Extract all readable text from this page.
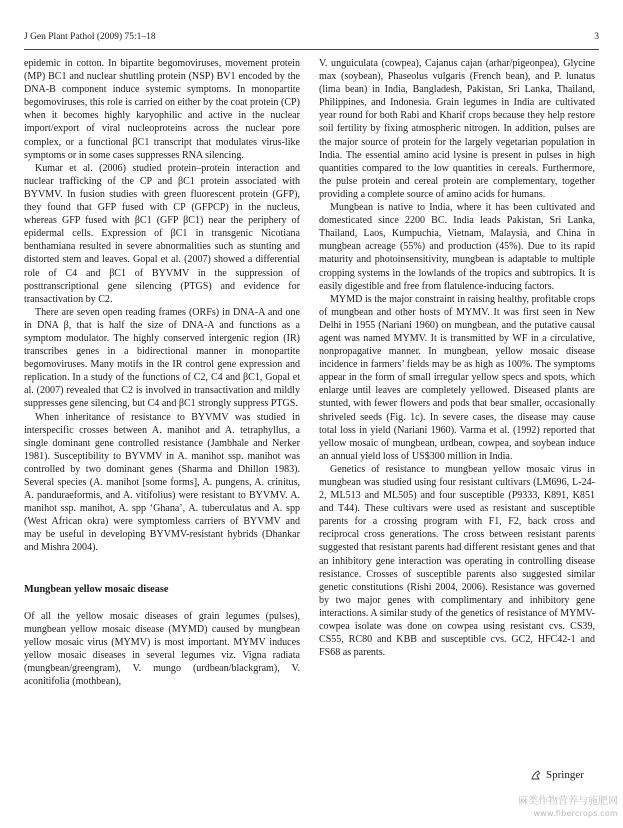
J Gen Plant Pathol (2009) 75:1–18	3

epidemic in cotton. In bipartite begomoviruses, movement protein (MP) BC1 and nuclear shuttling protein (NSP) BV1 encoded by the DNA-B component induce systemic symptoms. In monopartite begomoviruses, this role is carried on either by the coat protein (CP) when it becomes highly karyophilic and active in the nuclear import/export of viral nucleoproteins across the nuclear pore complex, or a functional βC1 transcript that modulates virus-like symptoms or in some cases suppresses RNA silencing.

Kumar et al. (2006) studied protein–protein interaction and nuclear trafficking of the CP and βC1 protein associated with BYVMV. In fusion studies with green fluorescent protein (GFP), they found that GFP fused with CP (GFPCP) in the nucleus, whereas GFP fused with βC1 (GFP βC1) near the periphery of epidermal cells. Expression of βC1 in transgenic Nicotiana benthamiana resulted in severe abnormalities such as stunting and distorted stem and leaves. Gopal et al. (2007) showed a differential role of C4 and βC1 of BYVMV in the suppression of posttranscriptional gene silencing (PTGS) and evidence for transactivation by C2.

There are seven open reading frames (ORFs) in DNA-A and one in DNA β, that is half the size of DNA-A and functions as a symptom modulator. The highly conserved intergenic region (IR) transcribes genes in a bidirectional manner in monopartite begomoviruses. Many motifs in the IR control gene expression and replication. In a study of the functions of C2, C4 and βC1, Gopal et al. (2007) revealed that C2 is involved in transactivation and mildly suppresses gene silencing, but C4 and βC1 strongly suppress PTGS.

When inheritance of resistance to BYVMV was studied in interspecific crosses between A. manihot and A. tetraphyllus, a single dominant gene controlled resistance (Jambhale and Nerker 1981). Susceptibility to BYVMV in A. manihot ssp. manihot was controlled by two dominant genes (Sharma and Dhillon 1983). Several species (A. manihot [some forms], A. pungens, A. crinitus, A. panduraeformis, and A. vitifolius) were resistant to BYVMV. A. manihot ssp. manihot, A. spp ‘Ghana’, A. tuberculatus and A. spp (West African okra) were symptomless carriers of BYVMV and may be useful in developing BYVMV-resistant hybrids (Dhankar and Mishra 2004).

Mungbean yellow mosaic disease

Of all the yellow mosaic diseases of grain legumes (pulses), mungbean yellow mosaic disease (MYMD) caused by mungbean yellow mosaic virus (MYMV) is most important. MYMV induces yellow mosaic diseases in several legumes viz. Vigna radiata (mungbean/greengram), V. mungo (urdbean/blackgram), V. aconitifolia (mothbean),

V. unguiculata (cowpea), Cajanus cajan (arhar/pigeonpea), Glycine max (soybean), Phaseolus vulgaris (French bean), and P. lunatus (lima bean) in India, Bangladesh, Pakistan, Sri Lanka, Thailand, Philippines, and Indonesia. Grain legumes in India are cultivated year round for both Rabi and Kharif crops because they help restore soil fertility by fixing atmospheric nitrogen. In addition, pulses are the major source of protein for the largely vegetarian population in India. The essential amino acid lysine is present in pulses in high quantities compared to the low quantities in cereals. Furthermore, the pulse protein and cereal protein are complementary, together providing a complete source of amino acids for humans.

Mungbean is native to India, where it has been cultivated and domesticated since 2200 BC. India leads Pakistan, Sri Lanka, Thailand, Laos, Kumpuchia, Vietnam, Malaysia, and China in mungbean acreage (55%) and production (45%). Due to its rapid maturity and photoinsensitivity, mungbean is adaptable to multiple cropping systems in the lowlands of the tropics and subtropics. It is easily digestible and free from flatulence-inducing factors.

MYMD is the major constraint in raising healthy, profitable crops of mungbean and other hosts of MYMV. It was first seen in New Delhi in 1955 (Nariani 1960) on mungbean, and the putative causal agent was named MYMV. It is transmitted by WF in a circulative, nonpropagative manner. In mungbean, yellow mosaic disease incidence in farmers’ fields may be as high as 100%. The symptoms appear in the form of small irregular yellow specs and spots, which enlarge until leaves are completely yellowed. Diseased plants are stunted, with fewer flowers and pods that bear smaller, occasionally shriveled seeds (Fig. 1c). In severe cases, the disease may cause total loss in yield (Nariani 1960). Varma et al. (1992) reported that yellow mosaic of mungbean, urdbean, cowpea, and soybean induce an annual yield loss of US$300 million in India.

Genetics of resistance to mungbean yellow mosaic virus in mungbean was studied using four resistant cultivars (LM696, L-24-2, ML513 and ML505) and four susceptible (P9333, K891, K851 and T44). These cultivars were used as resistant and susceptible parents for a crossing program with F1, F2, back cross and reciprocal cross generations. The cross between resistant parents suggested that resistant parents had different resistant genes and that an inhibitory gene interaction was operating in controlling disease resistance. Crosses of susceptible parents also suggested similar genetic constitutions (Rishi 2004, 2006). Resistance was governed by two major genes with complimentary and inhibitory gene interactions. A similar study of the genetics of resistance of MYMV-cowpea isolate was done on cowpea using resistant cvs. CS39, CS55, RC80 and KBB and susceptible cvs. GC2, HFC42-1 and FS68 as parents.

Springer
麻类作物营养与施肥网
www.fibercrops.com
